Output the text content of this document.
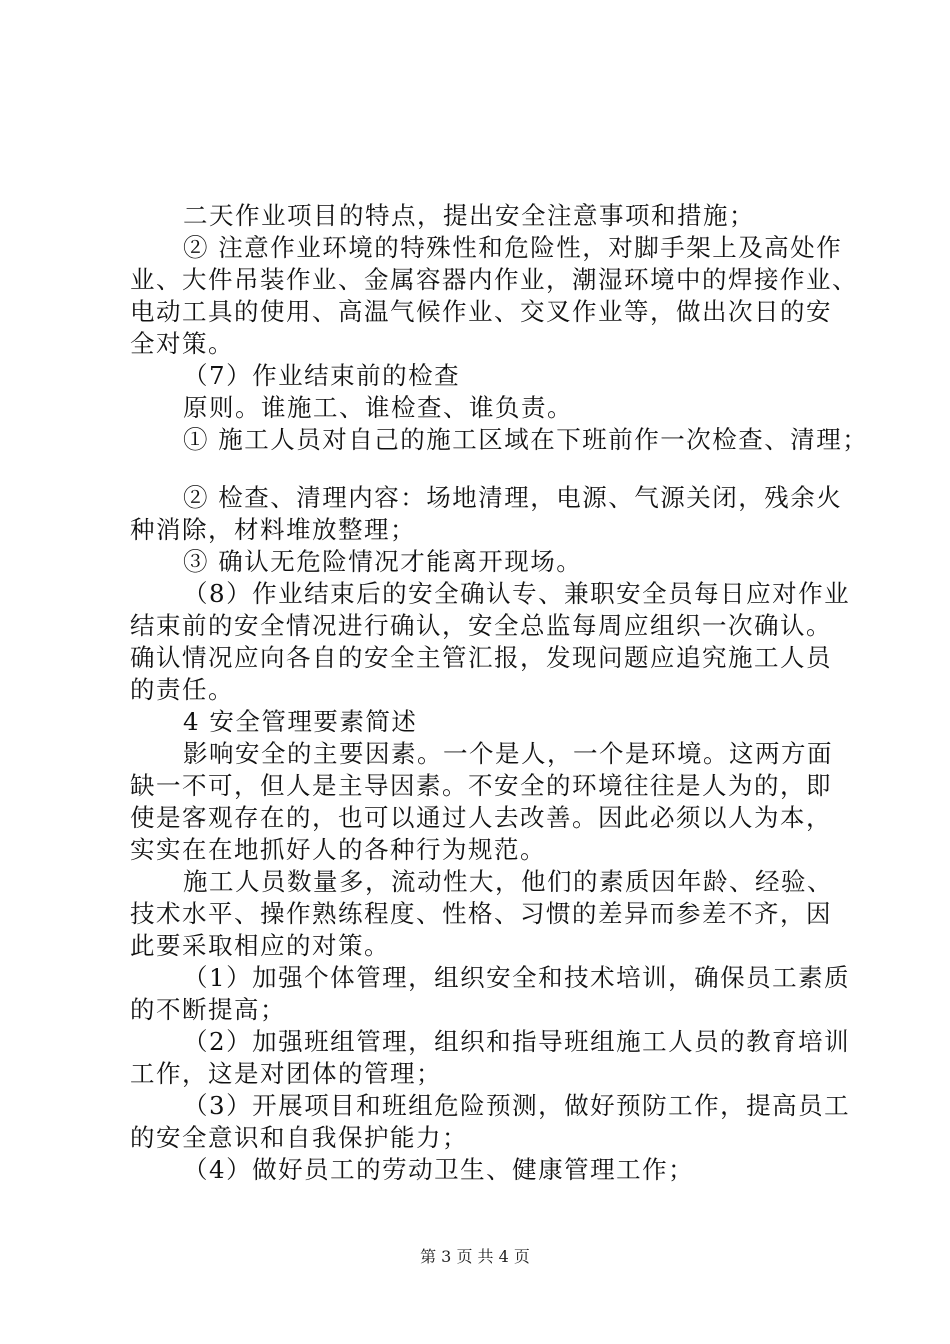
二天作业项目的特点，提出安全注意事项和措施；
② 注意作业环境的特殊性和危险性，对脚手架上及高处作
业、大件吊装作业、金属容器内作业，潮湿环境中的焊接作业、
电动工具的使用、高温气候作业、交叉作业等，做出次日的安
全对策。
（7）作业结束前的检查
原则。谁施工、谁检查、谁负责。
① 施工人员对自己的施工区域在下班前作一次检查、清理；
② 检查、清理内容：场地清理，电源、气源关闭，残余火
种消除，材料堆放整理；
③ 确认无危险情况才能离开现场。
（8）作业结束后的安全确认专、兼职安全员每日应对作业
结束前的安全情况进行确认，安全总监每周应组织一次确认。
确认情况应向各自的安全主管汇报，发现问题应追究施工人员
的责任。
4 安全管理要素简述
影响安全的主要因素。一个是人，一个是环境。这两方面
缺一不可，但人是主导因素。不安全的环境往往是人为的，即
使是客观存在的，也可以通过人去改善。因此必须以人为本，
实实在在地抓好人的各种行为规范。
施工人员数量多，流动性大，他们的素质因年龄、经验、
技术水平、操作熟练程度、性格、习惯的差异而参差不齐，因
此要采取相应的对策。
（1）加强个体管理，组织安全和技术培训，确保员工素质
的不断提高；
（2）加强班组管理，组织和指导班组施工人员的教育培训
工作，这是对团体的管理；
（3）开展项目和班组危险预测，做好预防工作，提高员工
的安全意识和自我保护能力；
（4）做好员工的劳动卫生、健康管理工作；
第 3 页 共 4 页
